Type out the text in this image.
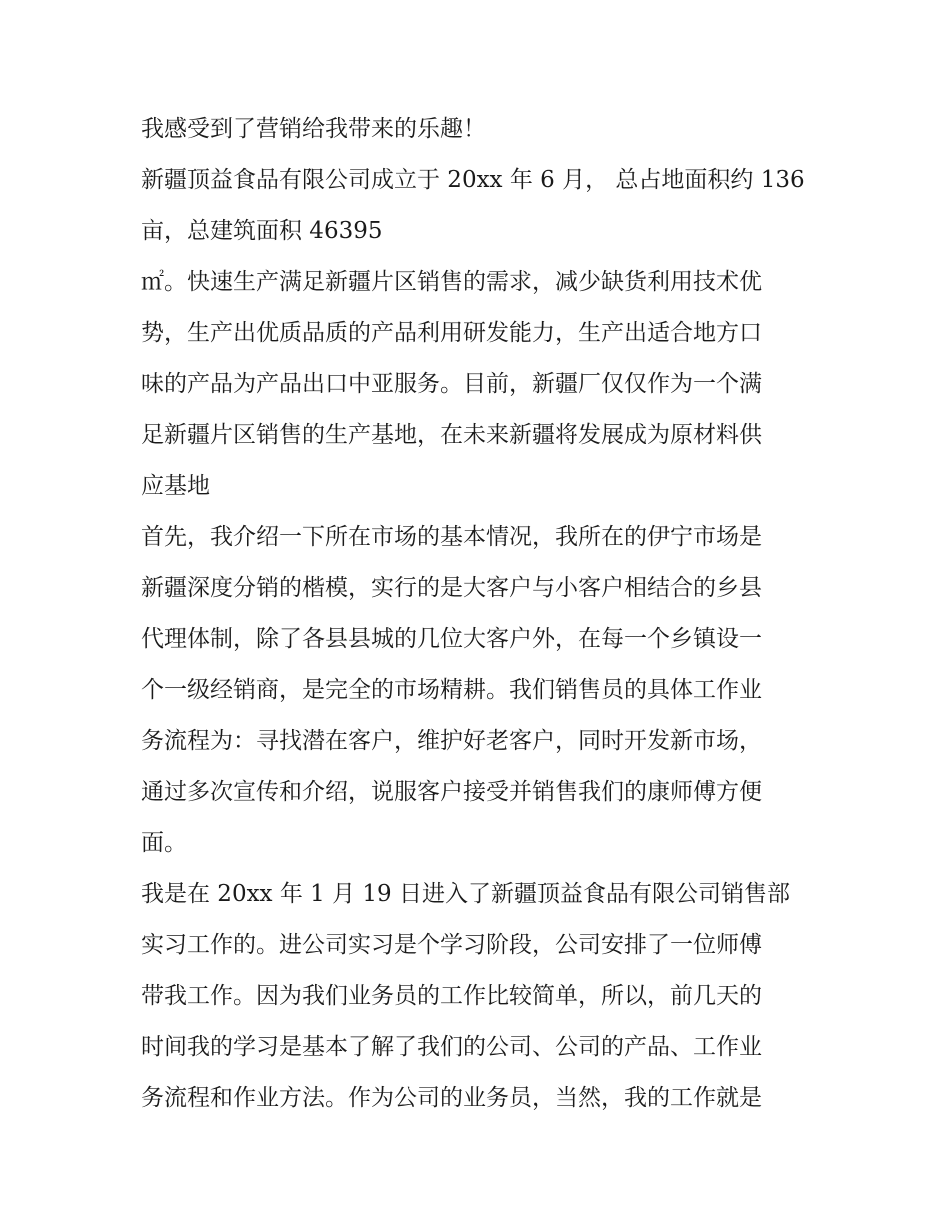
我感受到了营销给我带来的乐趣！
新疆顶益食品有限公司成立于 20xx 年 6 月， 总占地面积约 136
亩，总建筑面积 46395
㎡。快速生产满足新疆片区销售的需求，减少缺货利用技术优
势，生产出优质品质的产品利用研发能力，生产出适合地方口
味的产品为产品出口中亚服务。目前，新疆厂仅仅作为一个满
足新疆片区销售的生产基地，在未来新疆将发展成为原材料供
应基地
首先，我介绍一下所在市场的基本情况，我所在的伊宁市场是
新疆深度分销的楷模，实行的是大客户与小客户相结合的乡县
代理体制，除了各县县城的几位大客户外，在每一个乡镇设一
个一级经销商，是完全的市场精耕。我们销售员的具体工作业
务流程为：寻找潜在客户，维护好老客户，同时开发新市场，
通过多次宣传和介绍，说服客户接受并销售我们的康师傅方便
面。
我是在 20xx 年 1 月 19 日进入了新疆顶益食品有限公司销售部
实习工作的。进公司实习是个学习阶段，公司安排了一位师傅
带我工作。因为我们业务员的工作比较简单，所以，前几天的
时间我的学习是基本了解了我们的公司、公司的产品、工作业
务流程和作业方法。作为公司的业务员，当然，我的工作就是
